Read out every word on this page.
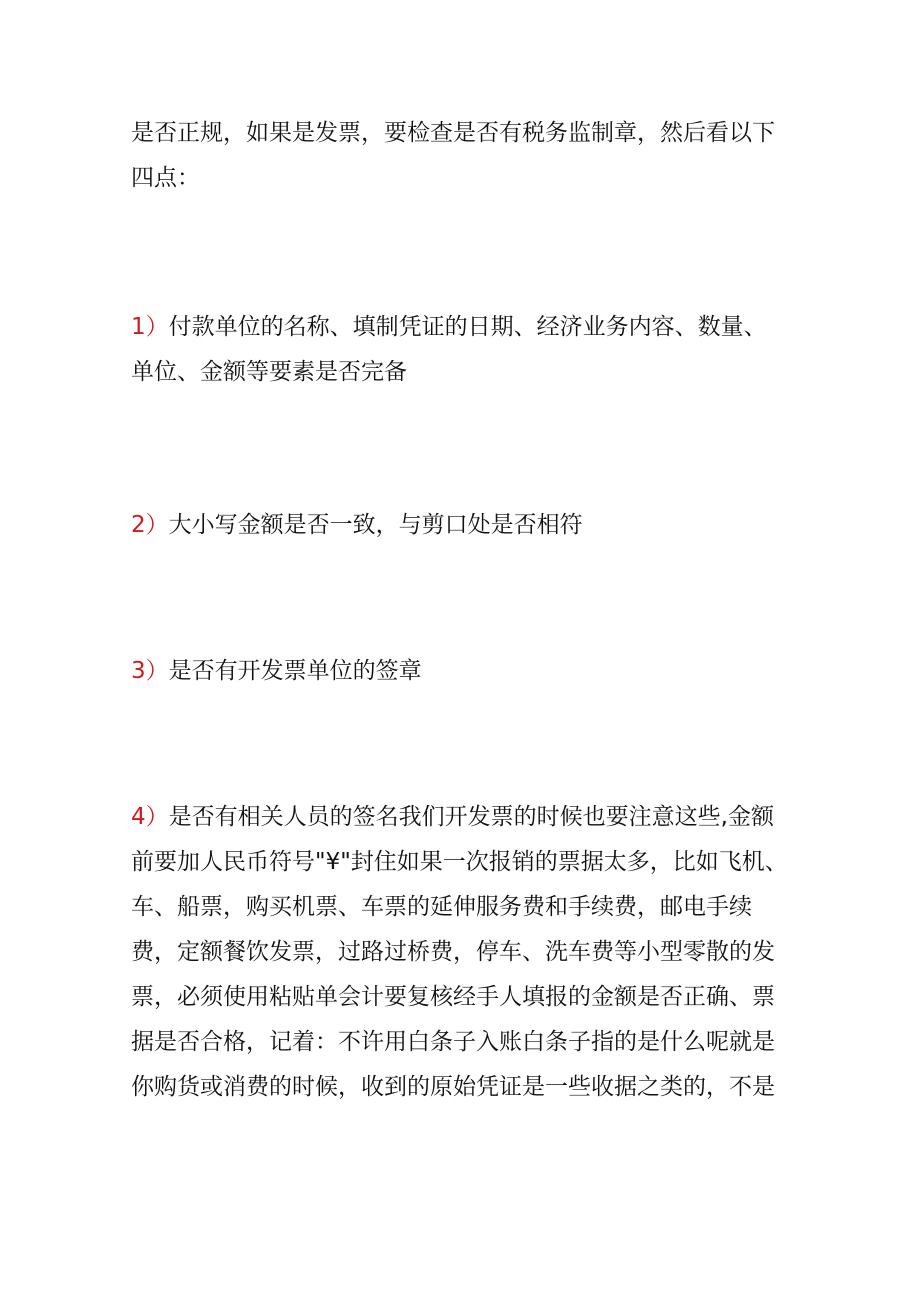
是否正规，如果是发票，要检查是否有税务监制章，然后看以下
四点：

1）付款单位的名称、填制凭证的日期、经济业务内容、数量、
单位、金额等要素是否完备

2）大小写金额是否一致，与剪口处是否相符

3）是否有开发票单位的签章

4）是否有相关人员的签名我们开发票的时候也要注意这些,金额
前要加人民币符号"¥"封住如果一次报销的票据太多，比如飞机、
车、船票，购买机票、车票的延伸服务费和手续费，邮电手续
费，定额餐饮发票，过路过桥费，停车、洗车费等小型零散的发
票，必须使用粘贴单会计要复核经手人填报的金额是否正确、票
据是否合格，记着：不许用白条子入账白条子指的是什么呢就是
你购货或消费的时候，收到的原始凭证是一些收据之类的，不是
